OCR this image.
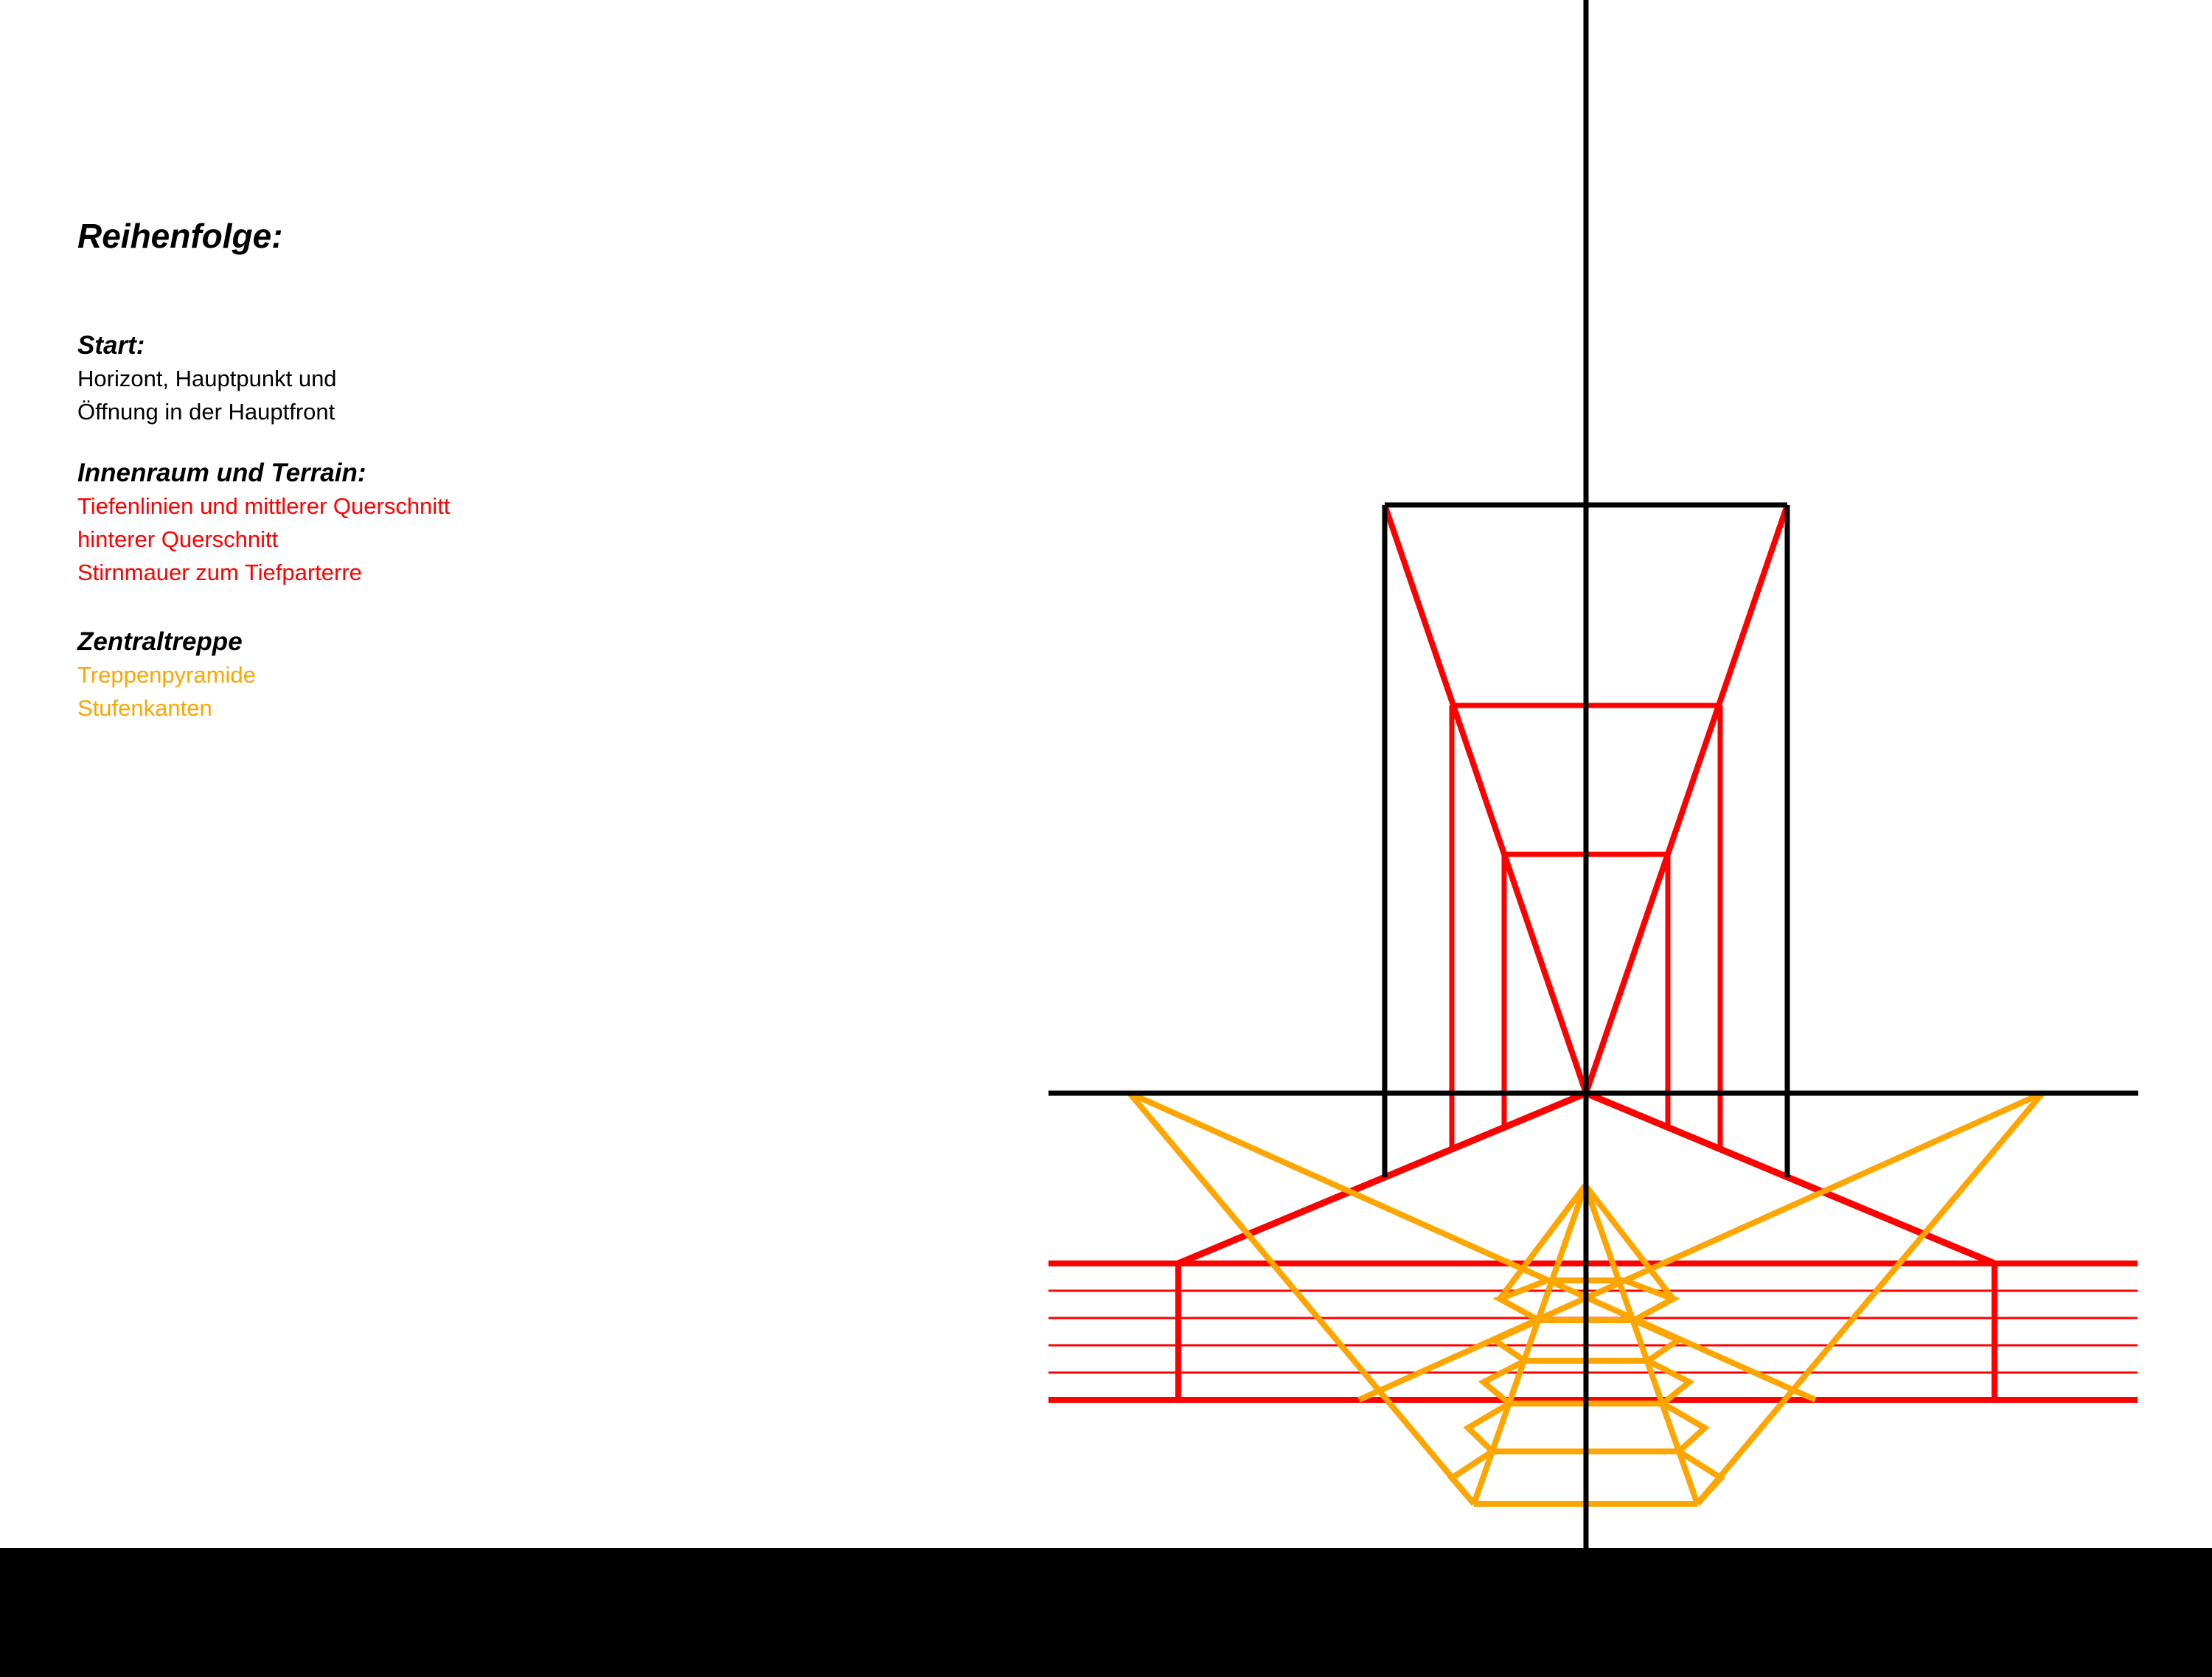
Reihenfolge:
Start:
Horizont, Hauptpunkt und
Öffnung in der Hauptfront
Innenraum und Terrain:
Tiefenlinien und mittlerer Querschnitt
hinterer Querschnitt
Stirnmauer zum Tiefparterre
Zentraltreppe
Treppenpyramide
Stufenkanten
